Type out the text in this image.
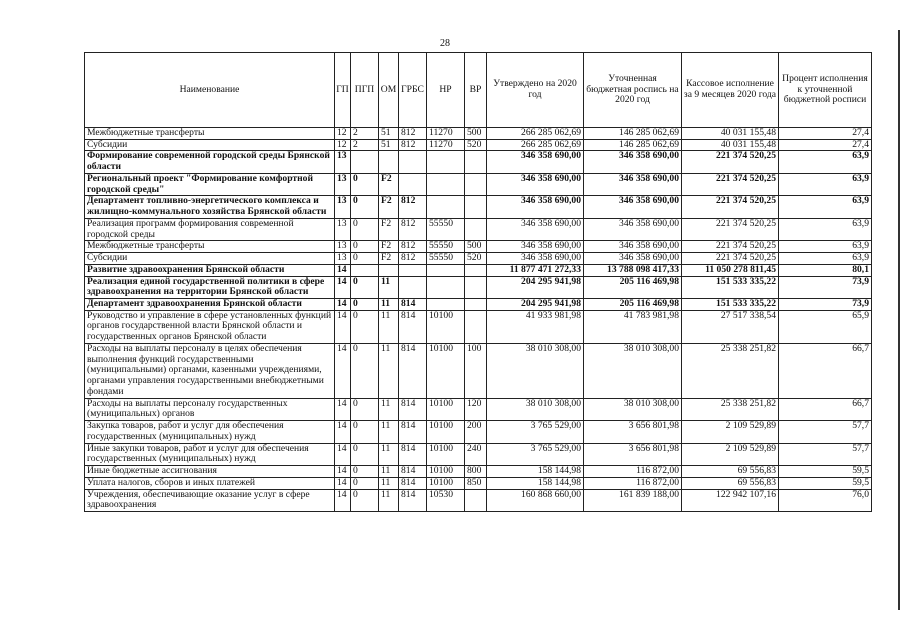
28
Наименование	ГП	ПГП	ОМ	ГРБС	НР	ВР	Утверждено на 2020 год	Уточненная бюджетная роспись на 2020 год	Кассовое исполнение за 9 месяцев 2020 года	Процент исполнения к уточненной бюджетной росписи
Межбюджетные трансферты	12	2	51	812	11270	500	266 285 062,69	146 285 062,69	40 031 155,48	27,4
Субсидии	12	2	51	812	11270	520	266 285 062,69	146 285 062,69	40 031 155,48	27,4
Формирование современной городской среды Брянской области	13						346 358 690,00	346 358 690,00	221 374 520,25	63,9
Региональный проект "Формирование комфортной городской среды"	13	0	F2				346 358 690,00	346 358 690,00	221 374 520,25	63,9
Департамент топливно-энергетического комплекса и жилищно-коммунального хозяйства Брянской области	13	0	F2	812			346 358 690,00	346 358 690,00	221 374 520,25	63,9
Реализация программ формирования современной городской среды	13	0	F2	812	55550		346 358 690,00	346 358 690,00	221 374 520,25	63,9
Межбюджетные трансферты	13	0	F2	812	55550	500	346 358 690,00	346 358 690,00	221 374 520,25	63,9
Субсидии	13	0	F2	812	55550	520	346 358 690,00	346 358 690,00	221 374 520,25	63,9
Развитие здравоохранения Брянской области	14						11 877 471 272,33	13 788 098 417,33	11 050 278 811,45	80,1
Реализация единой государственной политики в сфере здравоохранения на территории Брянской области	14	0	11				204 295 941,98	205 116 469,98	151 533 335,22	73,9
Департамент здравоохранения Брянской области	14	0	11	814			204 295 941,98	205 116 469,98	151 533 335,22	73,9
Руководство и управление в сфере установленных функций органов государственной власти Брянской области и государственных органов Брянской области	14	0	11	814	10100		41 933 981,98	41 783 981,98	27 517 338,54	65,9
Расходы на выплаты персоналу в целях обеспечения выполнения функций государственными (муниципальными) органами, казенными учреждениями, органами управления государственными внебюджетными фондами	14	0	11	814	10100	100	38 010 308,00	38 010 308,00	25 338 251,82	66,7
Расходы на выплаты персоналу государственных (муниципальных) органов	14	0	11	814	10100	120	38 010 308,00	38 010 308,00	25 338 251,82	66,7
Закупка товаров, работ и услуг для обеспечения государственных (муниципальных) нужд	14	0	11	814	10100	200	3 765 529,00	3 656 801,98	2 109 529,89	57,7
Иные закупки товаров, работ и услуг для обеспечения государственных (муниципальных) нужд	14	0	11	814	10100	240	3 765 529,00	3 656 801,98	2 109 529,89	57,7
Иные бюджетные ассигнования	14	0	11	814	10100	800	158 144,98	116 872,00	69 556,83	59,5
Уплата налогов, сборов и иных платежей	14	0	11	814	10100	850	158 144,98	116 872,00	69 556,83	59,5
Учреждения, обеспечивающие оказание услуг в сфере здравоохранения	14	0	11	814	10530		160 868 660,00	161 839 188,00	122 942 107,16	76,0
